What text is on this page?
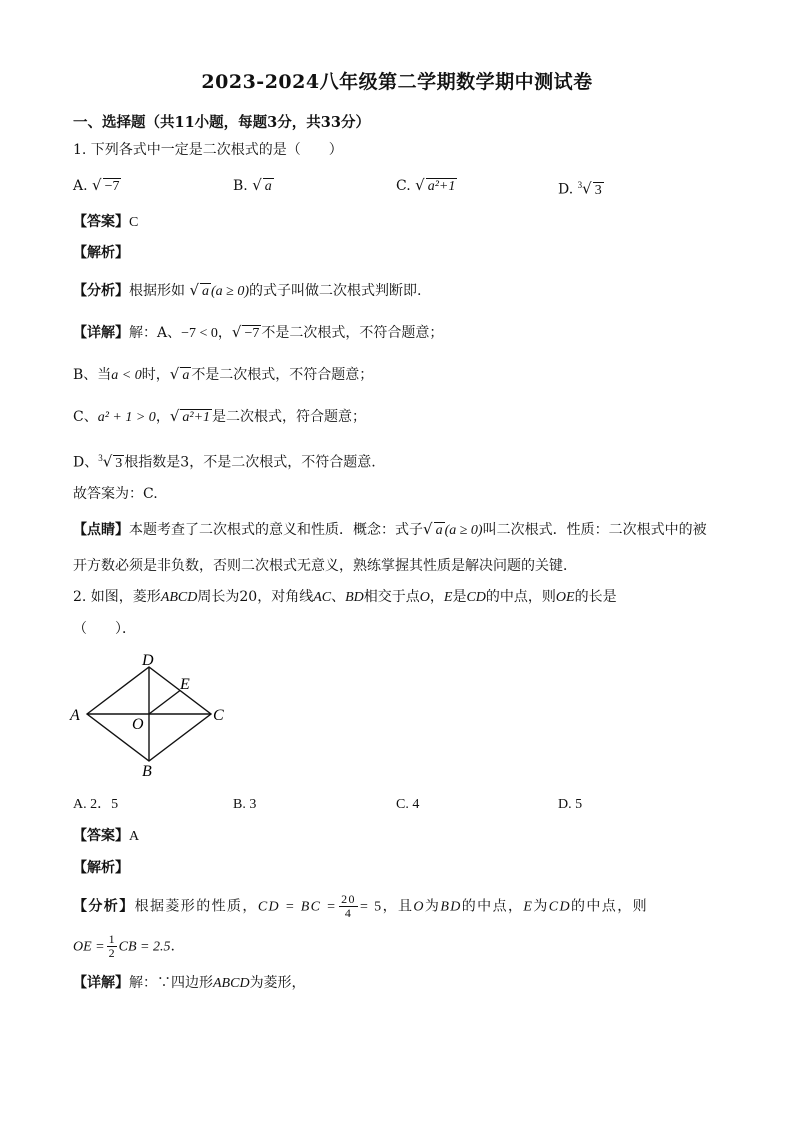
2023-2024八年级第二学期数学期中测试卷
一、选择题（共11小题，每题3分，共33分）
1. 下列各式中一定是二次根式的是（　　）
A. √ −7	B. √ a	C. √ a²+1	D. $^3$√ 3
【答案】C
【解析】
【分析】根据形如 √ a (a ≥ 0)的式子叫做二次根式判断即.
【详解】解：A、−7 < 0，√ −7 不是二次根式，不符合题意；
B、当a < 0时，√ a 不是二次根式，不符合题意；
C、a² + 1 > 0，√ a²+1 是二次根式，符合题意；
D、$^3$√ 3 根指数是3，不是二次根式，不符合题意.
故答案为：C.
【点睛】本题考查了二次根式的意义和性质．概念：式子√ a (a ≥ 0)叫二次根式．性质：二次根式中的被
开方数必须是非负数，否则二次根式无意义，熟练掌握其性质是解决问题的关键．
2. 如图，菱形ABCD周长为20，对角线AC、BD相交于点O，E是CD的中点，则OE的长是
（　　）．
A
D
E
C
O
B
A. 2．5	B. 3	C. 4	D. 5
【答案】A
【解析】
【分析】根据菱形的性质，CD = BC = $\frac{20}{4} = 5$，且O为BD的中点，E为CD的中点，则
OE = $\frac{1}{2}$ CB = 2.5.
【详解】解：∵四边形ABCD为菱形，
